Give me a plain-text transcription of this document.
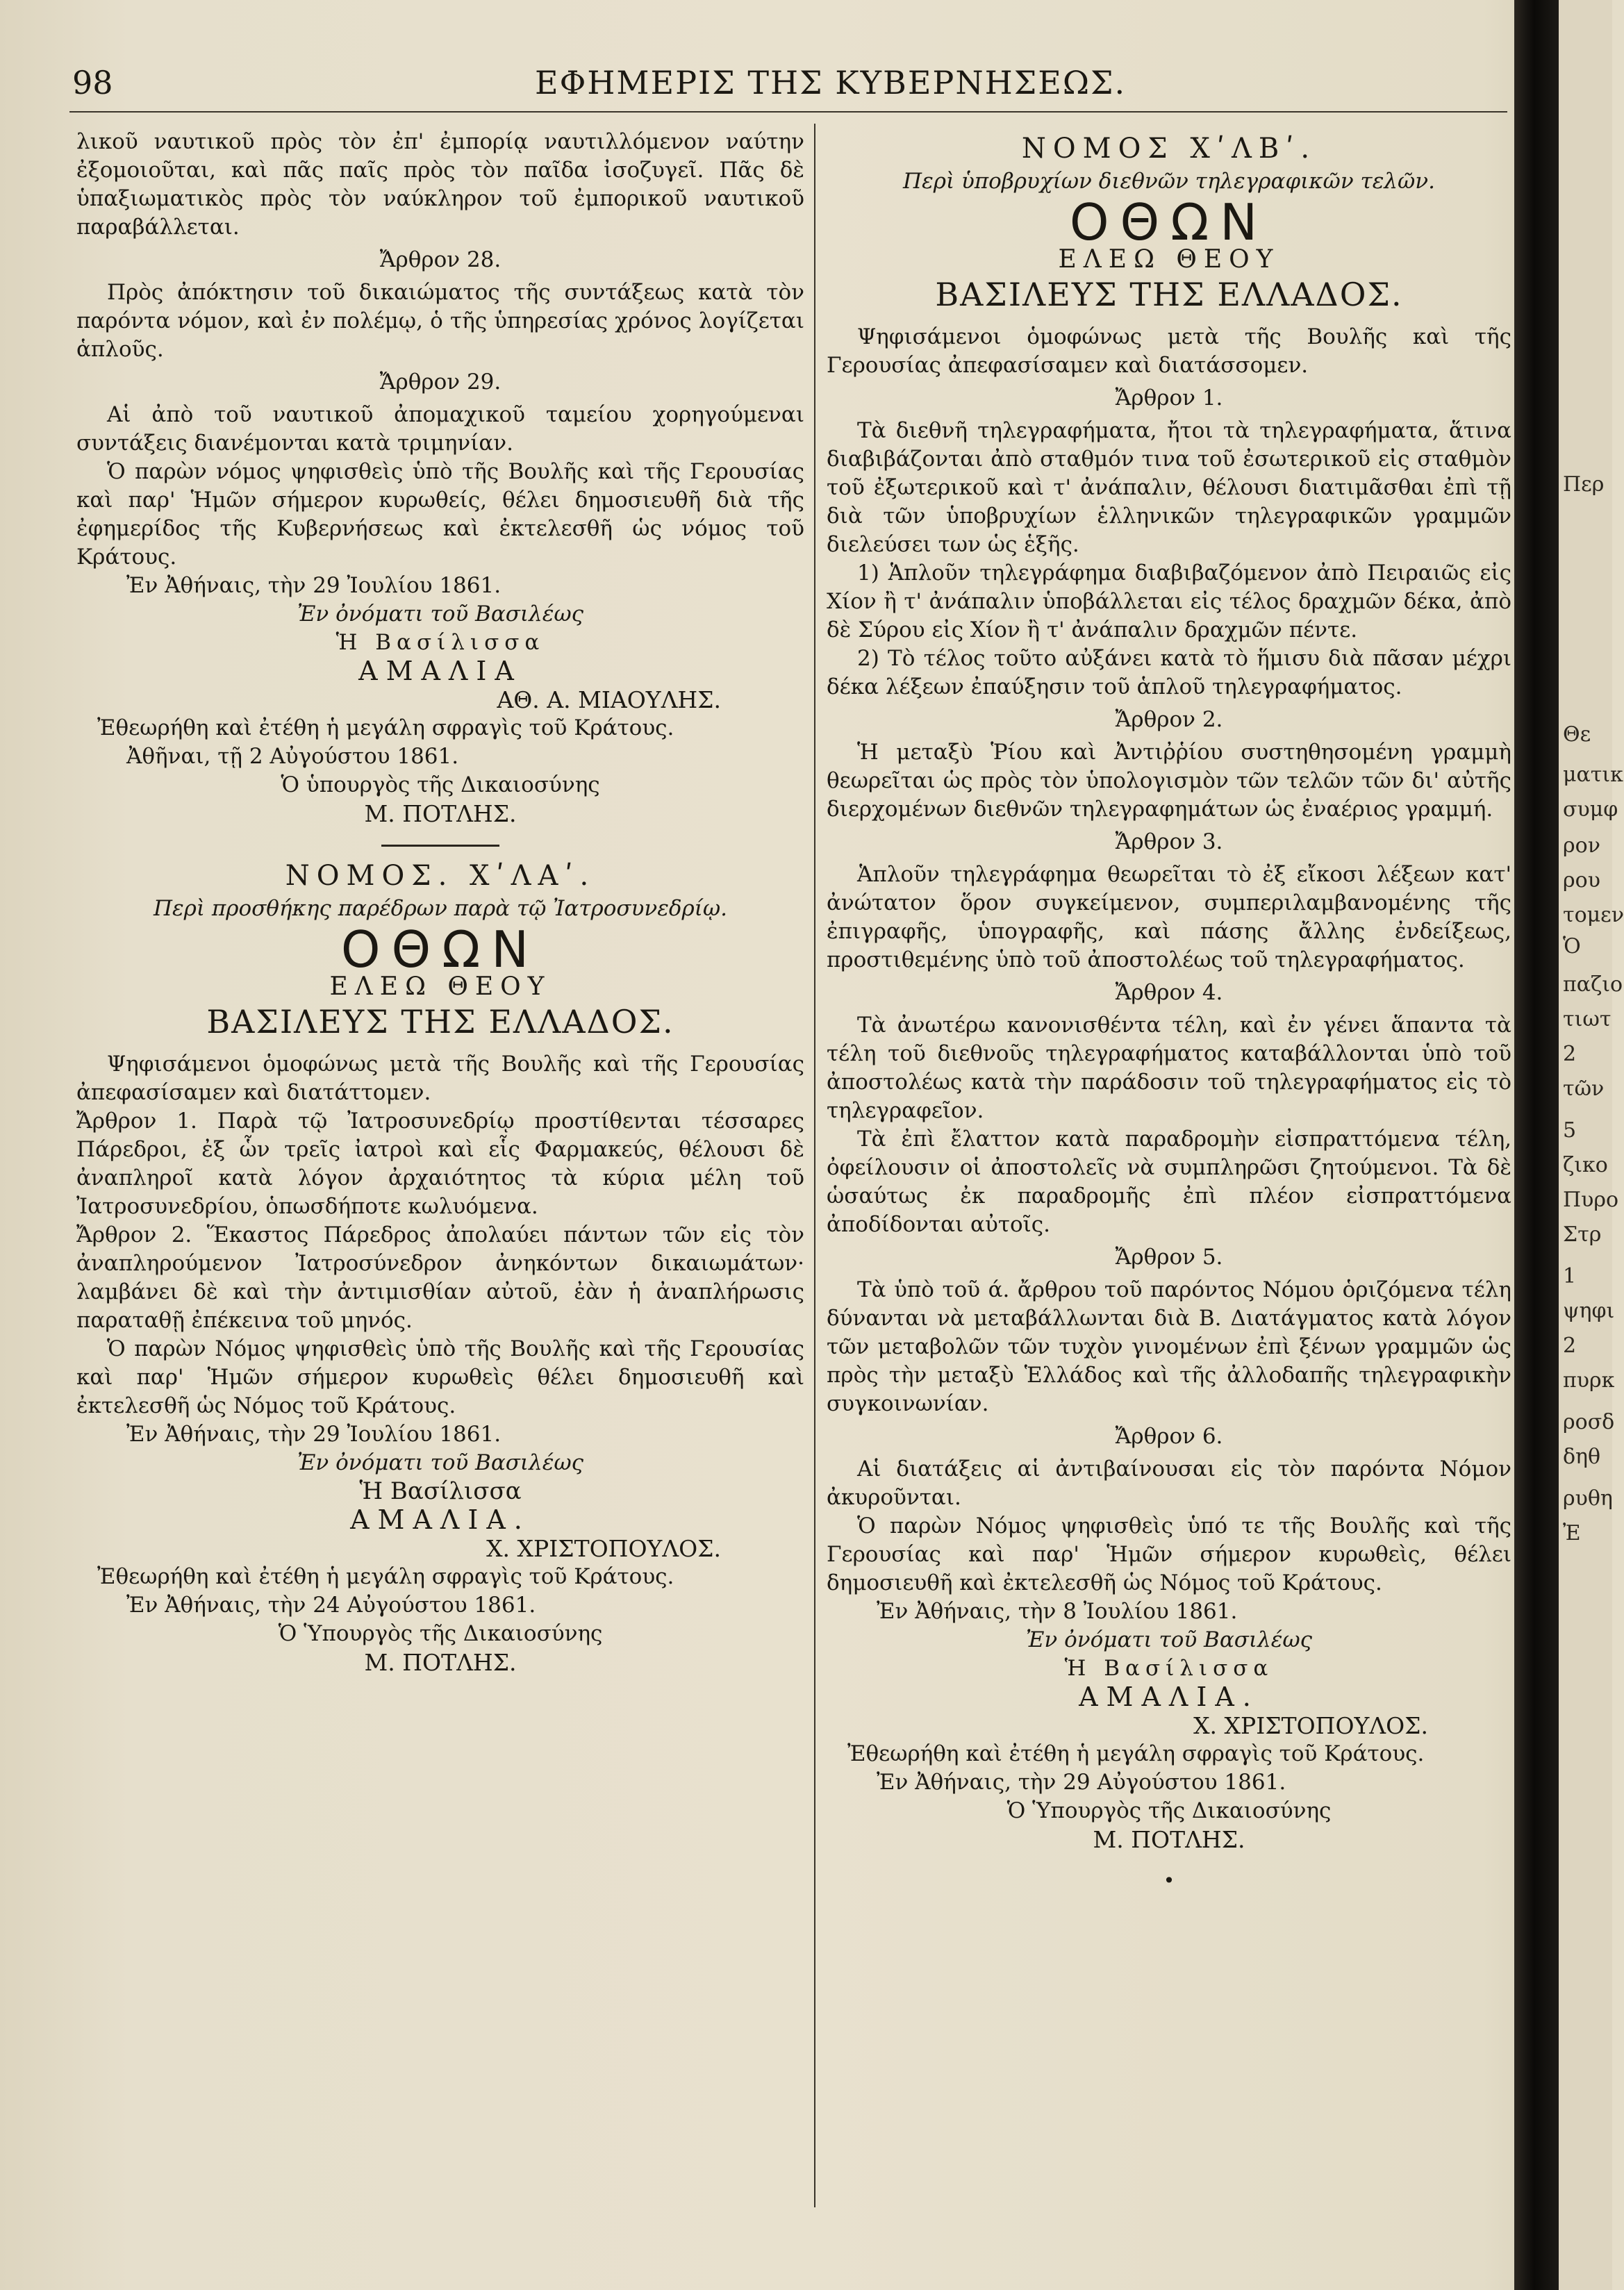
98	ΕΦΗΜΕΡΙΣ ΤΗΣ ΚΥΒΕΡΝΗΣΕΩΣ.

λικοῦ ναυτικοῦ πρὸς τὸν ἐπ' ἐμπορίᾳ ναυτιλλόμενον ναύτην ἐξομοιοῦται, καὶ πᾶς παῖς πρὸς τὸν παῖδα ἰσοζυγεῖ. Πᾶς δὲ ὑπαξιωματικὸς πρὸς τὸν ναύκληρον τοῦ ἐμπορικοῦ ναυτικοῦ παραβάλλεται.

Ἄρθρον 28.

Πρὸς ἀπόκτησιν τοῦ δικαιώματος τῆς συντάξεως κατὰ τὸν παρόντα νόμον, καὶ ἐν πολέμῳ, ὁ τῆς ὑπηρεσίας χρόνος λογίζεται ἁπλοῦς.

Ἄρθρον 29.

Αἱ ἀπὸ τοῦ ναυτικοῦ ἀπομαχικοῦ ταμείου χορηγούμεναι συντάξεις διανέμονται κατὰ τριμηνίαν.

Ὁ παρὼν νόμος ψηφισθεὶς ὑπὸ τῆς Βουλῆς καὶ τῆς Γερουσίας καὶ παρ' Ἡμῶν σήμερον κυρωθείς, θέλει δημοσιευθῆ διὰ τῆς ἐφημερίδος τῆς Κυβερνήσεως καὶ ἐκτελεσθῆ ὡς νόμος τοῦ Κράτους.

Ἐν Ἀθήναις, τὴν 29 Ἰουλίου 1861.

Ἐν ὀνόματι τοῦ Βασιλέως

Ἡ Βασίλισσα

ΑΜΑΛΙΑ

ΑΘ. Α. ΜΙΑΟΥΛΗΣ.

Ἐθεωρήθη καὶ ἐτέθη ἡ μεγάλη σφραγὶς τοῦ Κράτους.

Ἀθῆναι, τῇ 2 Αὐγούστου 1861.

Ὁ ὑπουργὸς τῆς Δικαιοσύνης

Μ. ΠΟΤΛΗΣ.

ΝΟΜΟΣ. ΧʹΛΑʹ.

Περὶ προσθήκης παρέδρων παρὰ τῷ Ἰατροσυνεδρίῳ.

ΟΘΩΝ

ΕΛΕΩ ΘΕΟΥ

ΒΑΣΙΛΕΥΣ ΤΗΣ ΕΛΛΑΔΟΣ.

Ψηφισάμενοι ὁμοφώνως μετὰ τῆς Βουλῆς καὶ τῆς Γερουσίας ἀπεφασίσαμεν καὶ διατάττομεν.

Ἄρθρον 1. Παρὰ τῷ Ἰατροσυνεδρίῳ προστίθενται τέσσαρες Πάρεδροι, ἐξ ὧν τρεῖς ἰατροὶ καὶ εἷς Φαρμακεύς, θέλουσι δὲ ἀναπληροῖ κατὰ λόγον ἀρχαιότητος τὰ κύρια μέλη τοῦ Ἰατροσυνεδρίου, ὁπωσδήποτε κωλυόμενα.

Ἄρθρον 2. Ἕκαστος Πάρεδρος ἀπολαύει πάντων τῶν εἰς τὸν ἀναπληρούμενον Ἰατροσύνεδρον ἀνηκόντων δικαιωμάτων· λαμβάνει δὲ καὶ τὴν ἀντιμισθίαν αὐτοῦ, ἐὰν ἡ ἀναπλήρωσις παραταθῇ ἐπέκεινα τοῦ μηνός.

Ὁ παρὼν Νόμος ψηφισθεὶς ὑπὸ τῆς Βουλῆς καὶ τῆς Γερουσίας καὶ παρ' Ἡμῶν σήμερον κυρωθεὶς θέλει δημοσιευθῆ καὶ ἐκτελεσθῆ ὡς Νόμος τοῦ Κράτους.

Ἐν Ἀθήναις, τὴν 29 Ἰουλίου 1861.

Ἐν ὀνόματι τοῦ Βασιλέως

Ἡ Βασίλισσα

ΑΜΑΛΙΑ.

Χ. ΧΡΙΣΤΟΠΟΥΛΟΣ.

Ἐθεωρήθη καὶ ἐτέθη ἡ μεγάλη σφραγὶς τοῦ Κράτους.

Ἐν Ἀθήναις, τὴν 24 Αὐγούστου 1861.

Ὁ Ὑπουργὸς τῆς Δικαιοσύνης

Μ. ΠΟΤΛΗΣ.

ΝΟΜΟΣ ΧʹΛΒʹ.

Περὶ ὑποβρυχίων διεθνῶν τηλεγραφικῶν τελῶν.

ΟΘΩΝ

ΕΛΕΩ ΘΕΟΥ

ΒΑΣΙΛΕΥΣ ΤΗΣ ΕΛΛΑΔΟΣ.

Ψηφισάμενοι ὁμοφώνως μετὰ τῆς Βουλῆς καὶ τῆς Γερουσίας ἀπεφασίσαμεν καὶ διατάσσομεν.

Ἄρθρον 1.

Τὰ διεθνῆ τηλεγραφήματα, ἤτοι τὰ τηλεγραφήματα, ἅτινα διαβιβάζονται ἀπὸ σταθμόν τινα τοῦ ἐσωτερικοῦ εἰς σταθμὸν τοῦ ἐξωτερικοῦ καὶ τ' ἀνάπαλιν, θέλουσι διατιμᾶσθαι ἐπὶ τῇ διὰ τῶν ὑποβρυχίων ἑλληνικῶν τηλεγραφικῶν γραμμῶν διελεύσει των ὡς ἑξῆς.

1) Ἁπλοῦν τηλεγράφημα διαβιβαζόμενον ἀπὸ Πειραιῶς εἰς Χίον ἢ τ' ἀνάπαλιν ὑποβάλλεται εἰς τέλος δραχμῶν δέκα, ἀπὸ δὲ Σύρου εἰς Χίον ἢ τ' ἀνάπαλιν δραχμῶν πέντε.

2) Τὸ τέλος τοῦτο αὐξάνει κατὰ τὸ ἥμισυ διὰ πᾶσαν μέχρι δέκα λέξεων ἐπαύξησιν τοῦ ἁπλοῦ τηλεγραφήματος.

Ἄρθρον 2.

Ἡ μεταξὺ Ῥίου καὶ Ἀντιῤῥίου συστηθησομένη γραμμὴ θεωρεῖται ὡς πρὸς τὸν ὑπολογισμὸν τῶν τελῶν τῶν δι' αὐτῆς διερχομένων διεθνῶν τηλεγραφημάτων ὡς ἐναέριος γραμμή.

Ἄρθρον 3.

Ἁπλοῦν τηλεγράφημα θεωρεῖται τὸ ἐξ εἴκοσι λέξεων κατ' ἀνώτατον ὅρον συγκείμενον, συμπεριλαμβανομένης τῆς ἐπιγραφῆς, ὑπογραφῆς, καὶ πάσης ἄλλης ἐνδείξεως, προστιθεμένης ὑπὸ τοῦ ἀποστολέως τοῦ τηλεγραφήματος.

Ἄρθρον 4.

Τὰ ἀνωτέρω κανονισθέντα τέλη, καὶ ἐν γένει ἅπαντα τὰ τέλη τοῦ διεθνοῦς τηλεγραφήματος καταβάλλονται ὑπὸ τοῦ ἀποστολέως κατὰ τὴν παράδοσιν τοῦ τηλεγραφήματος εἰς τὸ τηλεγραφεῖον.

Τὰ ἐπὶ ἔλαττον κατὰ παραδρομὴν εἰσπραττόμενα τέλη, ὀφείλουσιν οἱ ἀποστολεῖς νὰ συμπληρῶσι ζητούμενοι. Τὰ δὲ ὡσαύτως ἐκ παραδρομῆς ἐπὶ πλέον εἰσπραττόμενα ἀποδίδονται αὐτοῖς.

Ἄρθρον 5.

Τὰ ὑπὸ τοῦ ά. ἄρθρου τοῦ παρόντος Νόμου ὁριζόμενα τέλη δύνανται νὰ μεταβάλλωνται διὰ Β. Διατάγματος κατὰ λόγον τῶν μεταβολῶν τῶν τυχὸν γινομένων ἐπὶ ξένων γραμμῶν ὡς πρὸς τὴν μεταξὺ Ἑλλάδος καὶ τῆς ἀλλοδαπῆς τηλεγραφικὴν συγκοινωνίαν.

Ἄρθρον 6.

Αἱ διατάξεις αἱ ἀντιβαίνουσαι εἰς τὸν παρόντα Νόμον ἀκυροῦνται.

Ὁ παρὼν Νόμος ψηφισθεὶς ὑπό τε τῆς Βουλῆς καὶ τῆς Γερουσίας καὶ παρ' Ἡμῶν σήμερον κυρωθεὶς, θέλει δημοσιευθῆ καὶ ἐκτελεσθῆ ὡς Νόμος τοῦ Κράτους.

Ἐν Ἀθήναις, τὴν 8 Ἰουλίου 1861.

Ἐν ὀνόματι τοῦ Βασιλέως

Ἡ Βασίλισσα

ΑΜΑΛΙΑ.

Χ. ΧΡΙΣΤΟΠΟΥΛΟΣ.

Ἐθεωρήθη καὶ ἐτέθη ἡ μεγάλη σφραγὶς τοῦ Κράτους.

Ἐν Ἀθήναις, τὴν 29 Αὐγούστου 1861.

Ὁ Ὑπουργὸς τῆς Δικαιοσύνης

Μ. ΠΟΤΛΗΣ.

•

Περ
Θε
ματικ
συμφ
ρον
ρου
τομεν
Ὁ
παζιο
τιωτ
2
τῶν
5
ζικο
Πυρο
Στρ
1
ψηφι
2
πυρκ
ροσδ
δηθ
ρυθη
Ἐ
